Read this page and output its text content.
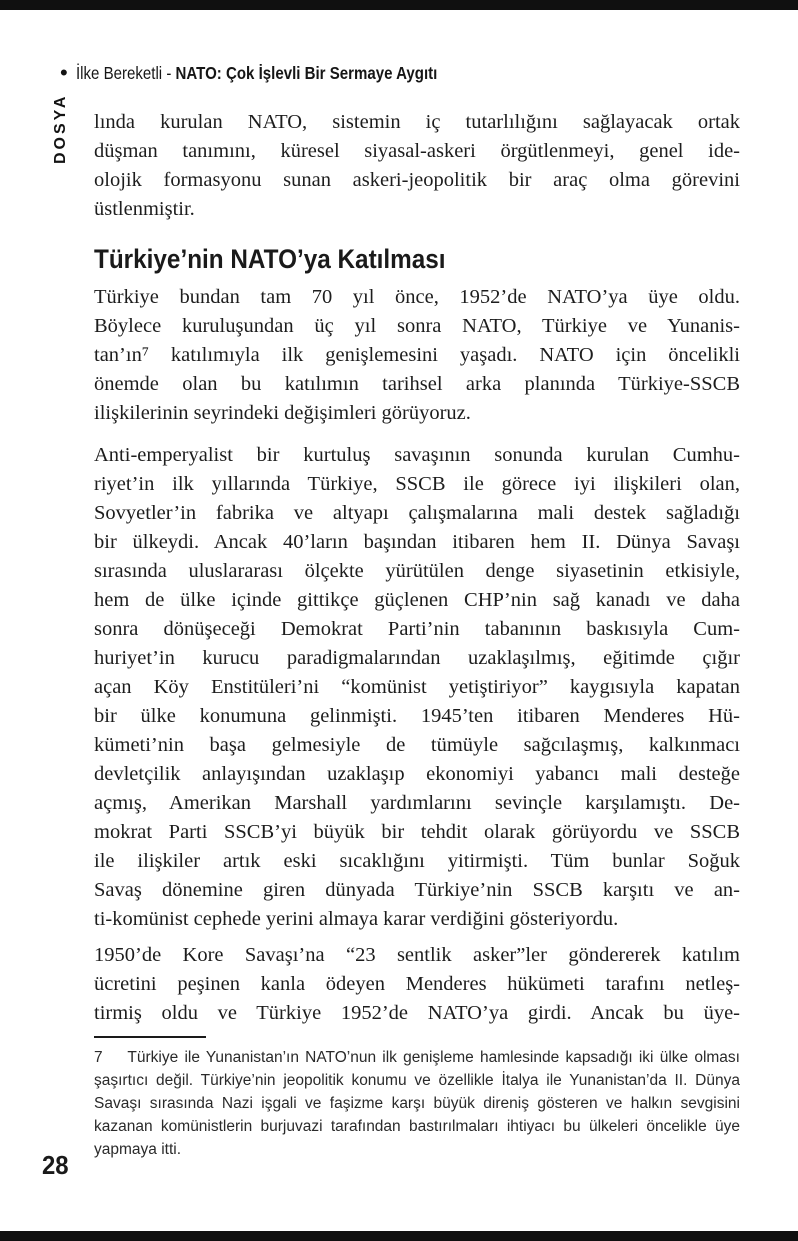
• İlke Bereketli - NATO: Çok İşlevli Bir Sermaye Aygıtı
DOSYA lında kurulan NATO, sistemin iç tutarlılığını sağlayacak ortak
düşman tanımını, küresel siyasal-askeri örgütlenmeyi, genel ide-
olojik formasyonu sunan askeri-jeopolitik bir araç olma görevini
üstlenmiştir.
Türkiye’nin NATO’ya Katılması
Türkiye bundan tam 70 yıl önce, 1952’de NATO’ya üye oldu.
Böylece kuruluşundan üç yıl sonra NATO, Türkiye ve Yunanis-
tan’ın⁷ katılımıyla ilk genişlemesini yaşadı. NATO için öncelikli
önemde olan bu katılımın tarihsel arka planında Türkiye-SSCB
ilişkilerinin seyrindeki değişimleri görüyoruz.
Anti-emperyalist bir kurtuluş savaşının sonunda kurulan Cumhu-
riyet’in ilk yıllarında Türkiye, SSCB ile görece iyi ilişkileri olan,
Sovyetler’in fabrika ve altyapı çalışmalarına mali destek sağladığı
bir ülkeydi. Ancak 40’ların başından itibaren hem II. Dünya Savaşı
sırasında uluslararası ölçekte yürütülen denge siyasetinin etkisiyle,
hem de ülke içinde gittikçe güçlenen CHP’nin sağ kanadı ve daha
sonra dönüşeceği Demokrat Parti’nin tabanının baskısıyla Cum-
huriyet’in kurucu paradigmalarından uzaklaşılmış, eğitimde çığır
açan Köy Enstitüleri’ni “komünist yetiştiriyor” kaygısıyla kapatan
bir ülke konumuna gelinmişti. 1945’ten itibaren Menderes Hü-
kümeti’nin başa gelmesiyle de tümüyle sağcılaşmış, kalkınmacı
devletçilik anlayışından uzaklaşıp ekonomiyi yabancı mali desteğe
açmış, Amerikan Marshall yardımlarını sevinçle karşılamıştı. De-
mokrat Parti SSCB’yi büyük bir tehdit olarak görüyordu ve SSCB
ile ilişkiler artık eski sıcaklığını yitirmişti. Tüm bunlar Soğuk
Savaş dönemine giren dünyada Türkiye’nin SSCB karşıtı ve an-
ti-komünist cephede yerini almaya karar verdiğini gösteriyordu.
1950’de Kore Savaşı’na “23 sentlik asker”ler göndererek katılım
ücretini peşinen kanla ödeyen Menderes hükümeti tarafını netleş-
tirmiş oldu ve Türkiye 1952’de NATO’ya girdi. Ancak bu üye-
7    Türkiye ile Yunanistan’ın NATO’nun ilk genişleme hamlesinde kapsadığı iki ülke olması
şaşırtıcı değil. Türkiye’nin jeopolitik konumu ve özellikle İtalya ile Yunanistan’da II. Dünya
Savaşı sırasında Nazi işgali ve faşizme karşı büyük direniş gösteren ve halkın sevgisini
kazanan komünistlerin burjuvazi tarafından bastırılmaları ihtiyacı bu ülkeleri öncelikle üye
yapmaya itti.
28
